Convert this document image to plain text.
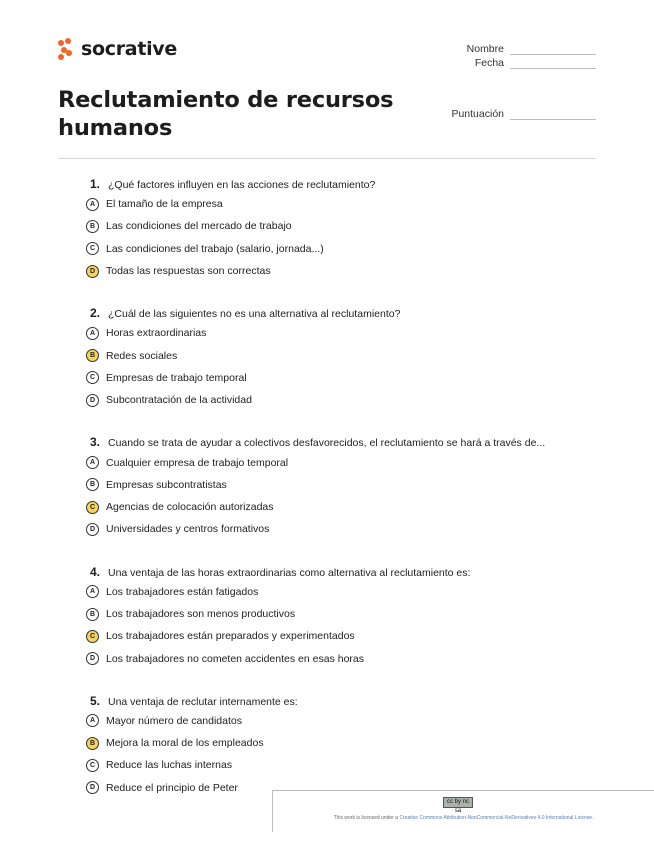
socrative	Nombre
Fecha
Reclutamiento de recursos humanos
Puntuación
1. ¿Qué factores influyen en las acciones de reclutamiento?
A	El tamaño de la empresa
B	Las condiciones del mercado de trabajo
C	Las condiciones del trabajo (salario, jornada...)
D	Todas las respuestas son correctas
2. ¿Cuál de las siguientes no es una alternativa al reclutamiento?
A	Horas extraordinarias
B	Redes sociales
C	Empresas de trabajo temporal
D	Subcontratación de la actividad
3. Cuando se trata de ayudar a colectivos desfavorecidos, el reclutamiento se hará a través de...
A	Cualquier empresa de trabajo temporal
B	Empresas subcontratistas
C	Agencias de colocación autorizadas
D	Universidades y centros formativos
4. Una ventaja de las horas extraordinarias como alternativa al reclutamiento es:
A	Los trabajadores están fatigados
B	Los trabajadores son menos productivos
C	Los trabajadores están preparados y experimentados
D	Los trabajadores no cometen accidentes en esas horas
5. Una ventaja de reclutar internamente es:
A	Mayor número de candidatos
B	Mejora la moral de los empleados
C	Reduce las luchas internas
D	Reduce el principio de Peter
cc by nc sa
This work is licensed under a Creative Commons Attribution-NonCommercial-NoDerivatives 4.0 International License.
